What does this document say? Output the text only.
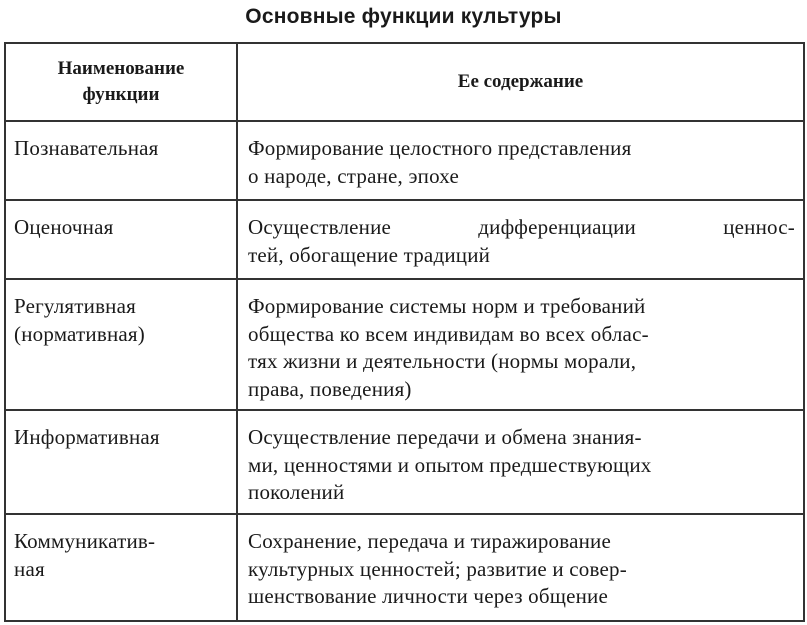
Основные функции культуры
Наименование
функции	Ее содержание

Познавательная	Формирование целостного представления
о народе, стране, эпохе

Оценочная	Осуществление дифференциации ценнос-
тей, обогащение традиций

Регулятивная
(нормативная)	Формирование системы норм и требований
общества ко всем индивидам во всех облас-
тях жизни и деятельности (нормы морали,
права, поведения)

Информативная	Осуществление передачи и обмена знания-
ми, ценностями и опытом предшествующих
поколений

Коммуникатив-
ная	Сохранение, передача и тиражирование
культурных ценностей; развитие и совер-
шенствование личности через общение
